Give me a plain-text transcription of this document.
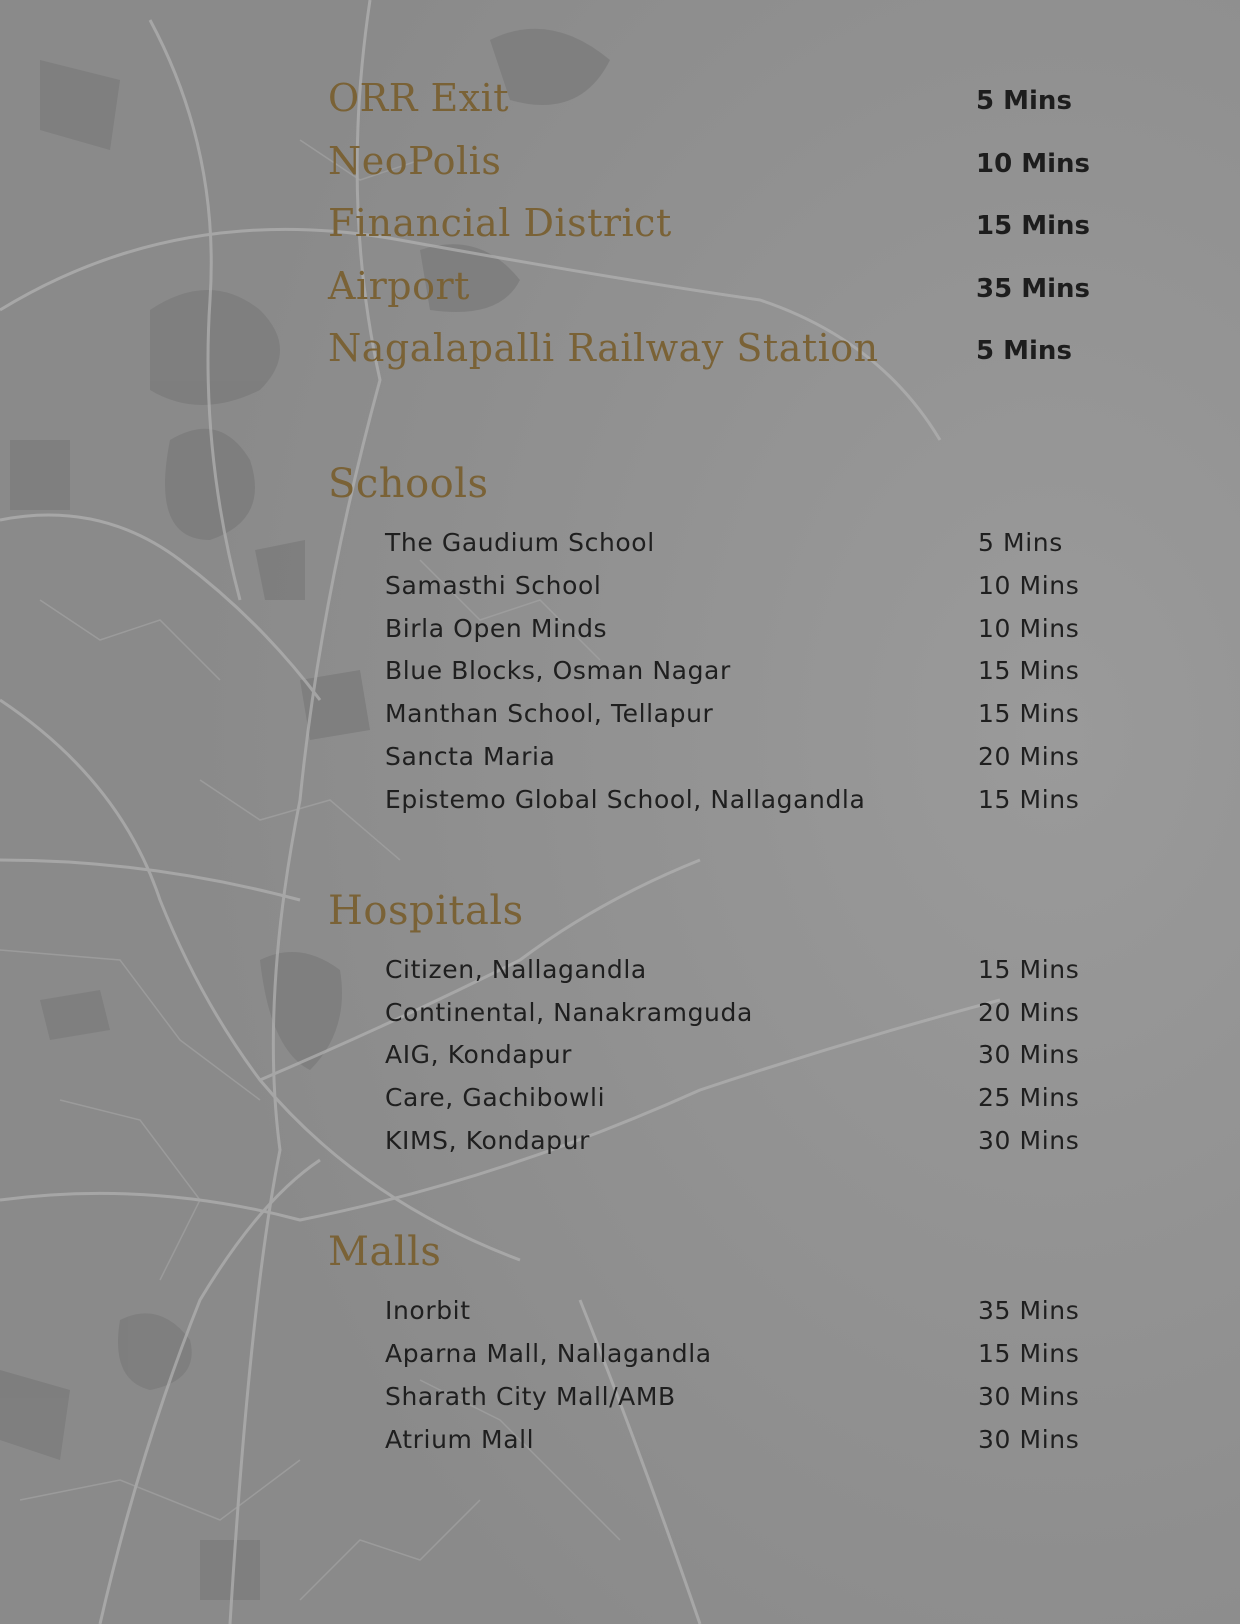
ORR Exit	5 Mins
NeoPolis	10 Mins
Financial District	15 Mins
Airport	35 Mins
Nagalapalli Railway Station	5 Mins
Schools
The Gaudium School	5 Mins
Samasthi School	10 Mins
Birla Open Minds	10 Mins
Blue Blocks, Osman Nagar	15 Mins
Manthan School, Tellapur	15 Mins
Sancta Maria	20 Mins
Epistemo Global School, Nallagandla	15 Mins
Hospitals
Citizen, Nallagandla	15 Mins
Continental, Nanakramguda	20 Mins
AIG, Kondapur	30 Mins
Care, Gachibowli	25 Mins
KIMS, Kondapur	30 Mins
Malls
Inorbit	35 Mins
Aparna Mall, Nallagandla	15 Mins
Sharath City Mall/AMB	30 Mins
Atrium Mall	30 Mins
